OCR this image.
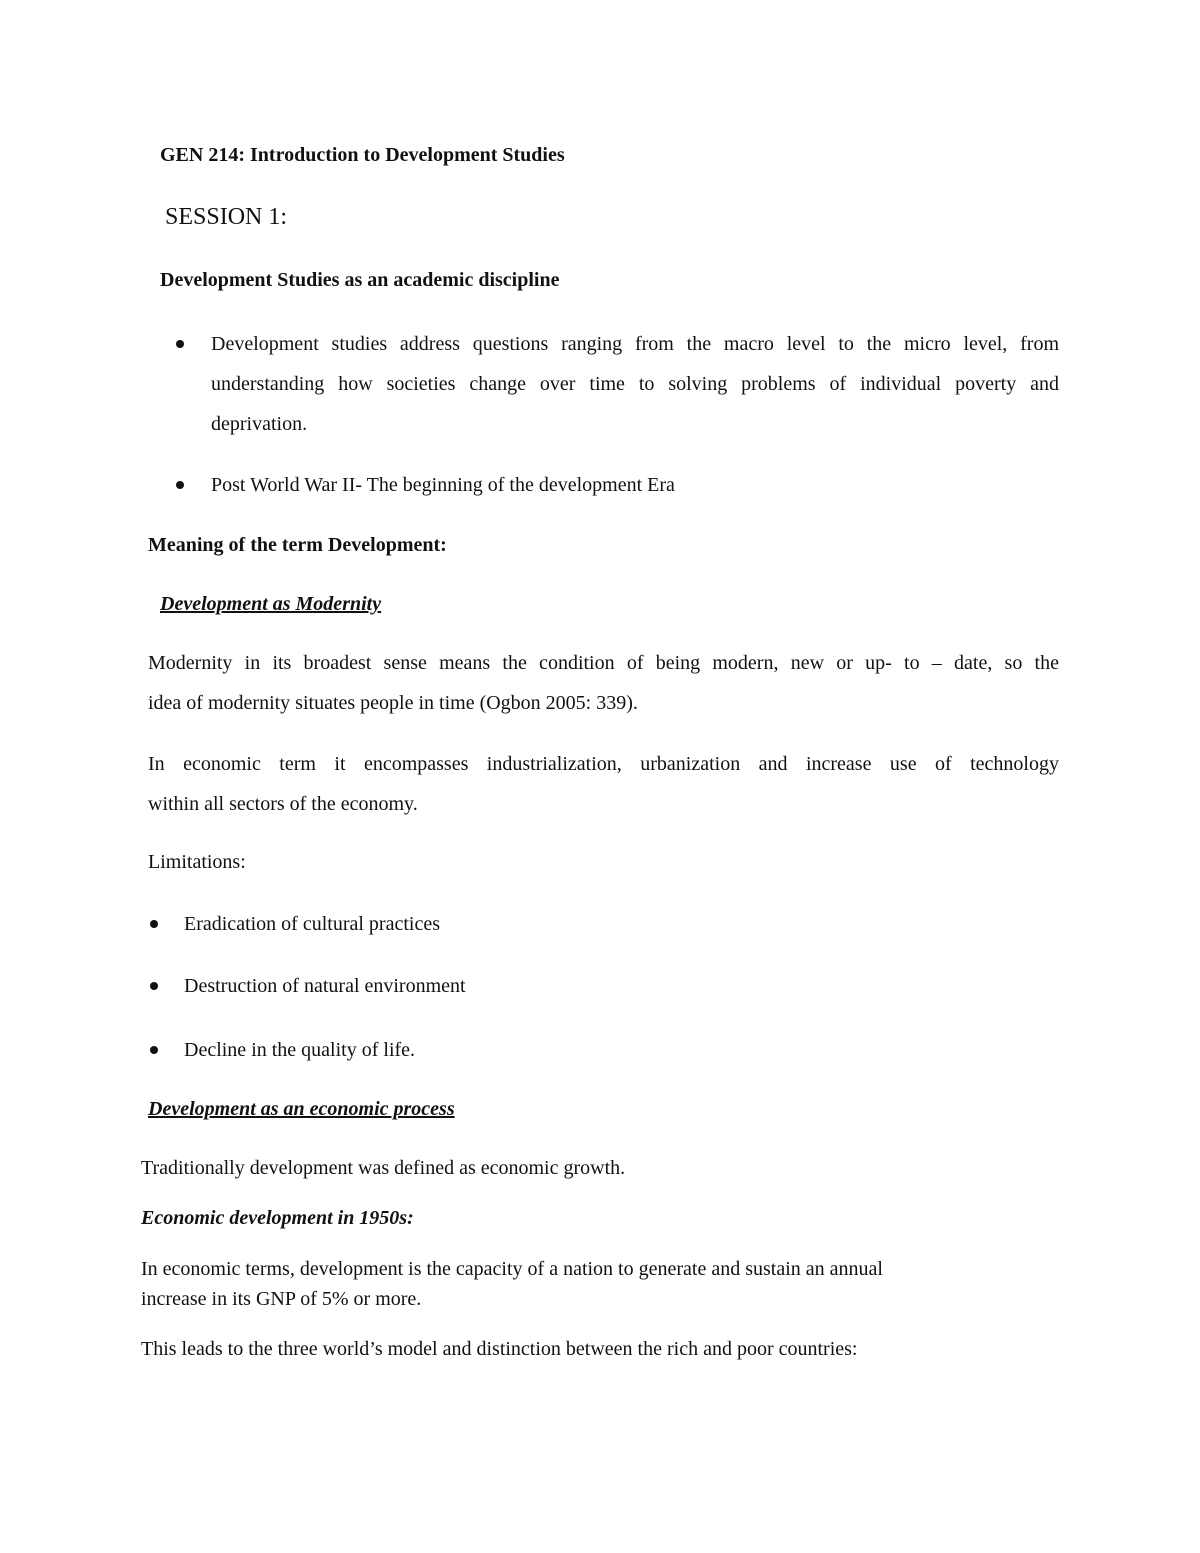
GEN 214: Introduction to Development Studies
SESSION 1:
Development Studies as an academic discipline
Development studies address questions ranging from the macro level to the micro level, from
understanding how societies change over time to solving problems of individual poverty and
deprivation.
Post World War II- The beginning of the development Era
Meaning of the term Development:
Development as Modernity
Modernity in its broadest sense means the condition of being modern, new or up- to – date, so the
idea of modernity situates people in time (Ogbon 2005: 339).
In economic term it encompasses industrialization, urbanization and increase use of technology
within all sectors of the economy.
Limitations:
Eradication of cultural practices
Destruction of natural environment
Decline in the quality of life.
Development as an economic process
Traditionally development was defined as economic growth.
Economic development in 1950s:
In economic terms, development is the capacity of a nation to generate and sustain an annual
increase in its GNP of 5% or more.
This leads to the three world’s model and distinction between the rich and poor countries:
